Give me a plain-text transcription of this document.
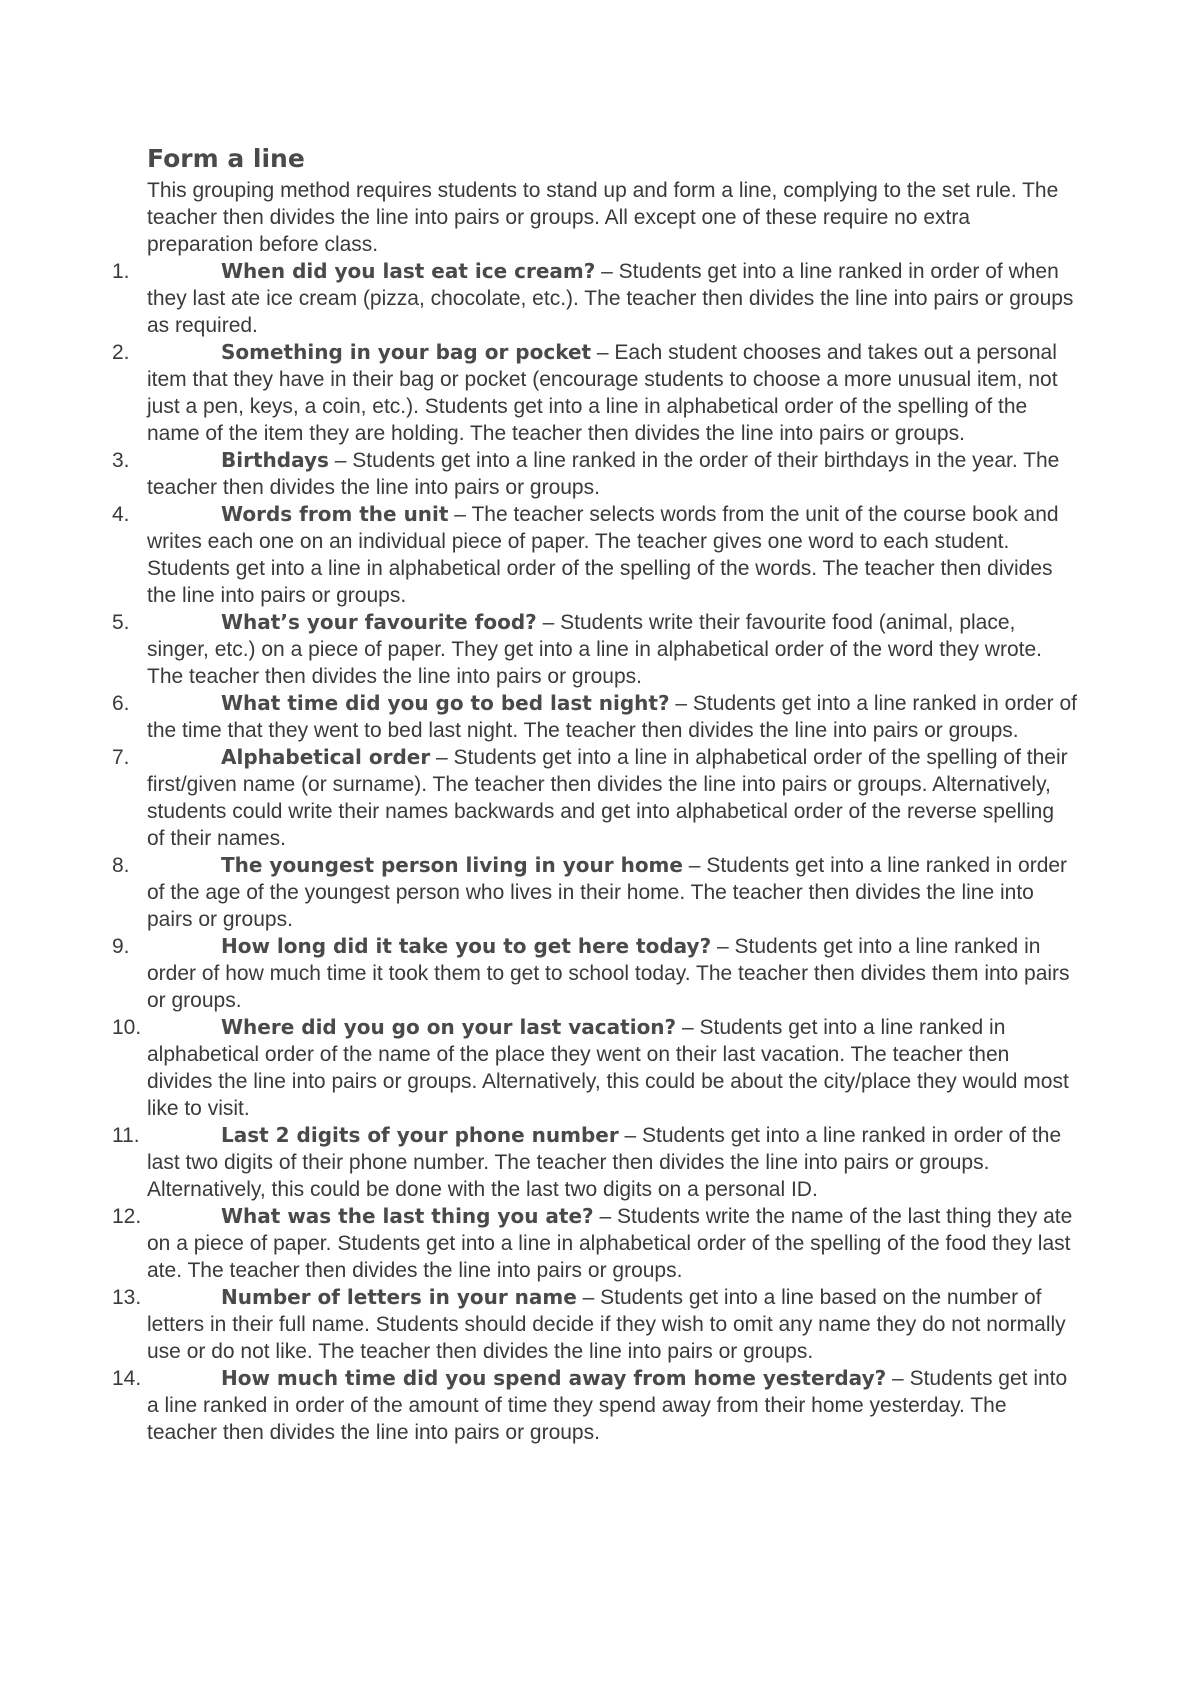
Form a line

This grouping method requires students to stand up and form a line, complying to the set rule. The teacher then divides the line into pairs or groups. All except one of these require no extra preparation before class.

1.	When did you last eat ice cream? – Students get into a line ranked in order of when they last ate ice cream (pizza, chocolate, etc.). The teacher then divides the line into pairs or groups as required.
2.	Something in your bag or pocket – Each student chooses and takes out a personal item that they have in their bag or pocket (encourage students to choose a more unusual item, not just a pen, keys, a coin, etc.). Students get into a line in alphabetical order of the spelling of the name of the item they are holding. The teacher then divides the line into pairs or groups.
3.	Birthdays – Students get into a line ranked in the order of their birthdays in the year. The teacher then divides the line into pairs or groups.
4.	Words from the unit – The teacher selects words from the unit of the course book and writes each one on an individual piece of paper. The teacher gives one word to each student. Students get into a line in alphabetical order of the spelling of the words. The teacher then divides the line into pairs or groups.
5.	What’s your favourite food? – Students write their favourite food (animal, place, singer, etc.) on a piece of paper. They get into a line in alphabetical order of the word they wrote. The teacher then divides the line into pairs or groups.
6.	What time did you go to bed last night? – Students get into a line ranked in order of the time that they went to bed last night. The teacher then divides the line into pairs or groups.
7.	Alphabetical order – Students get into a line in alphabetical order of the spelling of their first/given name (or surname). The teacher then divides the line into pairs or groups. Alternatively, students could write their names backwards and get into alphabetical order of the reverse spelling of their names.
8.	The youngest person living in your home – Students get into a line ranked in order of the age of the youngest person who lives in their home. The teacher then divides the line into pairs or groups.
9.	How long did it take you to get here today? – Students get into a line ranked in order of how much time it took them to get to school today. The teacher then divides them into pairs or groups.
10.	Where did you go on your last vacation? – Students get into a line ranked in alphabetical order of the name of the place they went on their last vacation. The teacher then divides the line into pairs or groups. Alternatively, this could be about the city/place they would most like to visit.
11.	Last 2 digits of your phone number – Students get into a line ranked in order of the last two digits of their phone number. The teacher then divides the line into pairs or groups. Alternatively, this could be done with the last two digits on a personal ID.
12.	What was the last thing you ate? – Students write the name of the last thing they ate on a piece of paper. Students get into a line in alphabetical order of the spelling of the food they last ate. The teacher then divides the line into pairs or groups.
13.	Number of letters in your name – Students get into a line based on the number of letters in their full name. Students should decide if they wish to omit any name they do not normally use or do not like. The teacher then divides the line into pairs or groups.
14.	How much time did you spend away from home yesterday? – Students get into a line ranked in order of the amount of time they spend away from their home yesterday. The teacher then divides the line into pairs or groups.
